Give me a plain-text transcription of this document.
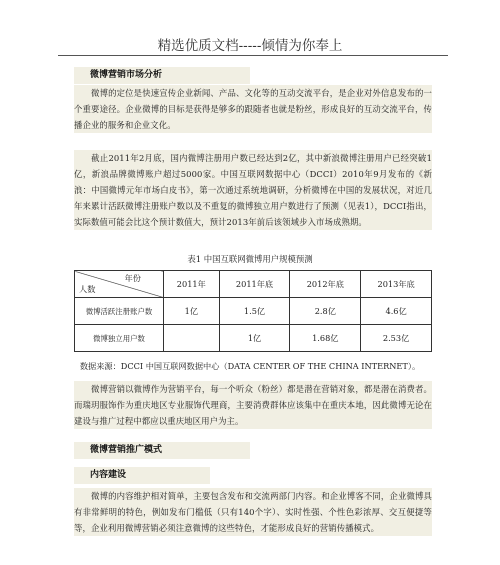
精选优质文档-----倾情为你奉上
微博营销市场分析
微博的定位是快速宣传企业新闻、产品、文化等的互动交流平台，是企业对外信息发布的一个重要途径。企业微博的目标是获得是够多的跟随者也就是粉丝，形成良好的互动交流平台，传播企业的服务和企业文化。
截止2011年2月底，国内微博注册用户数已经达到2亿，其中新浪微博注册用户已经突破1亿，新浪品牌微博账户超过5000家。中国互联网数据中心（DCCI）2010年9月发布的《新浪：中国微博元年市场白皮书》，第一次通过系统地调研，分析微博在中国的发展状况，对近几年来累计活跃微博注册账户数以及不重复的微博独立用户数进行了预测（见表1），DCCI指出，实际数值可能会比这个预计数值大，预计2013年前后该领域步入市场成熟期。
表1 中国互联网微博用户规模预测
年份
人数	2011年	2011年底	2012年底	2013年底
微博活跃注册账户数	1亿	1.5亿	2.8亿	4.6亿
微博独立用户数		1亿	1.68亿	2.53亿
数据来源：DCCI 中国互联网数据中心（DATA CENTER OF THE CHINA INTERNET）。
微博营销以微博作为营销平台，每一个听众（粉丝）都是潜在营销对象，都是潜在消费者。而瑞玥服饰作为重庆地区专业服饰代理商，主要消费群体应该集中在重庆本地，因此微博无论在建设与推广过程中都应以重庆地区用户为主。
微博营销推广模式
内容建设
微博的内容维护相对简单，主要包含发布和交流两部门内容。和企业博客不同，企业微博具有非常鲜明的特色，例如发布门槛低（只有140个字）、实时性强、个性色彩浓厚、交互便捷等等，企业利用微博营销必须注意微博的这些特色，才能形成良好的营销传播模式。
